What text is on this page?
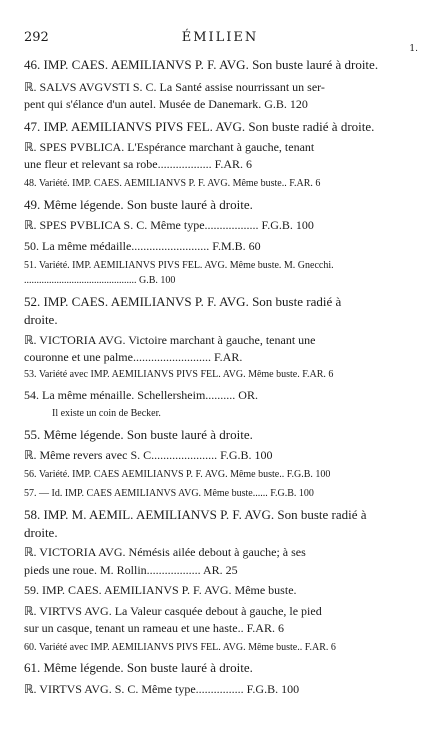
292	ÉMILIEN
1.
46. IMP. CAES. AEMILIANVS P. F. AVG. Son buste lauré à droite.
ℝ. SALVS AVGVSTI S. C. La Santé assise nourrissant un ser-
pent qui s'élance d'un autel. Musée de Danemark. G.B. 120
47. IMP. AEMILIANVS PIVS FEL. AVG. Son buste radié à droite.
ℝ. SPES PVBLICA. L'Espérance marchant à gauche, tenant
une fleur et relevant sa robe.................. F.AR. 6
48. Variété. IMP. CAES. AEMILIANVS P. F. AVG. Même buste.. F.AR. 6
49. Même légende. Son buste lauré à droite.
ℝ. SPES PVBLICA S. C. Même type.................. F.G.B. 100
50. La même médaille.......................... F.M.B. 60
51. Variété. IMP. AEMILIANVS PIVS FEL. AVG. Même buste. M. Gnecchi.
............................................. G.B. 100
52. IMP. CAES. AEMILIANVS P. F. AVG. Son buste radié à
droite.
ℝ. VICTORIA AVG. Victoire marchant à gauche, tenant une
couronne et une palme.......................... F.AR.
53. Variété avec IMP. AEMILIANVS PIVS FEL. AVG. Même buste. F.AR. 6
54. La même ménaille. Schellersheim.......... OR.
Il existe un coin de Becker.
55. Même légende. Son buste lauré à droite.
ℝ. Même revers avec S. C...................... F.G.B. 100
56. Variété. IMP. CAES AEMILIANVS P. F. AVG. Même buste.. F.G.B. 100
57. — Id. IMP. CAES AEMILIANVS AVG. Même buste...... F.G.B. 100
58. IMP. M. AEMIL. AEMILIANVS P. F. AVG. Son buste radié à
droite.
ℝ. VICTORIA AVG. Némésis ailée debout à gauche; à ses
pieds une roue. M. Rollin.................. AR. 25
59. IMP. CAES. AEMILIANVS P. F. AVG. Même buste.
ℝ. VIRTVS AVG. La Valeur casquée debout à gauche, le pied
sur un casque, tenant un rameau et une haste.. F.AR. 6
60. Variété avec IMP. AEMILIANVS PIVS FEL. AVG. Même buste.. F.AR. 6
61. Même légende. Son buste lauré à droite.
ℝ. VIRTVS AVG. S. C. Même type................ F.G.B. 100
